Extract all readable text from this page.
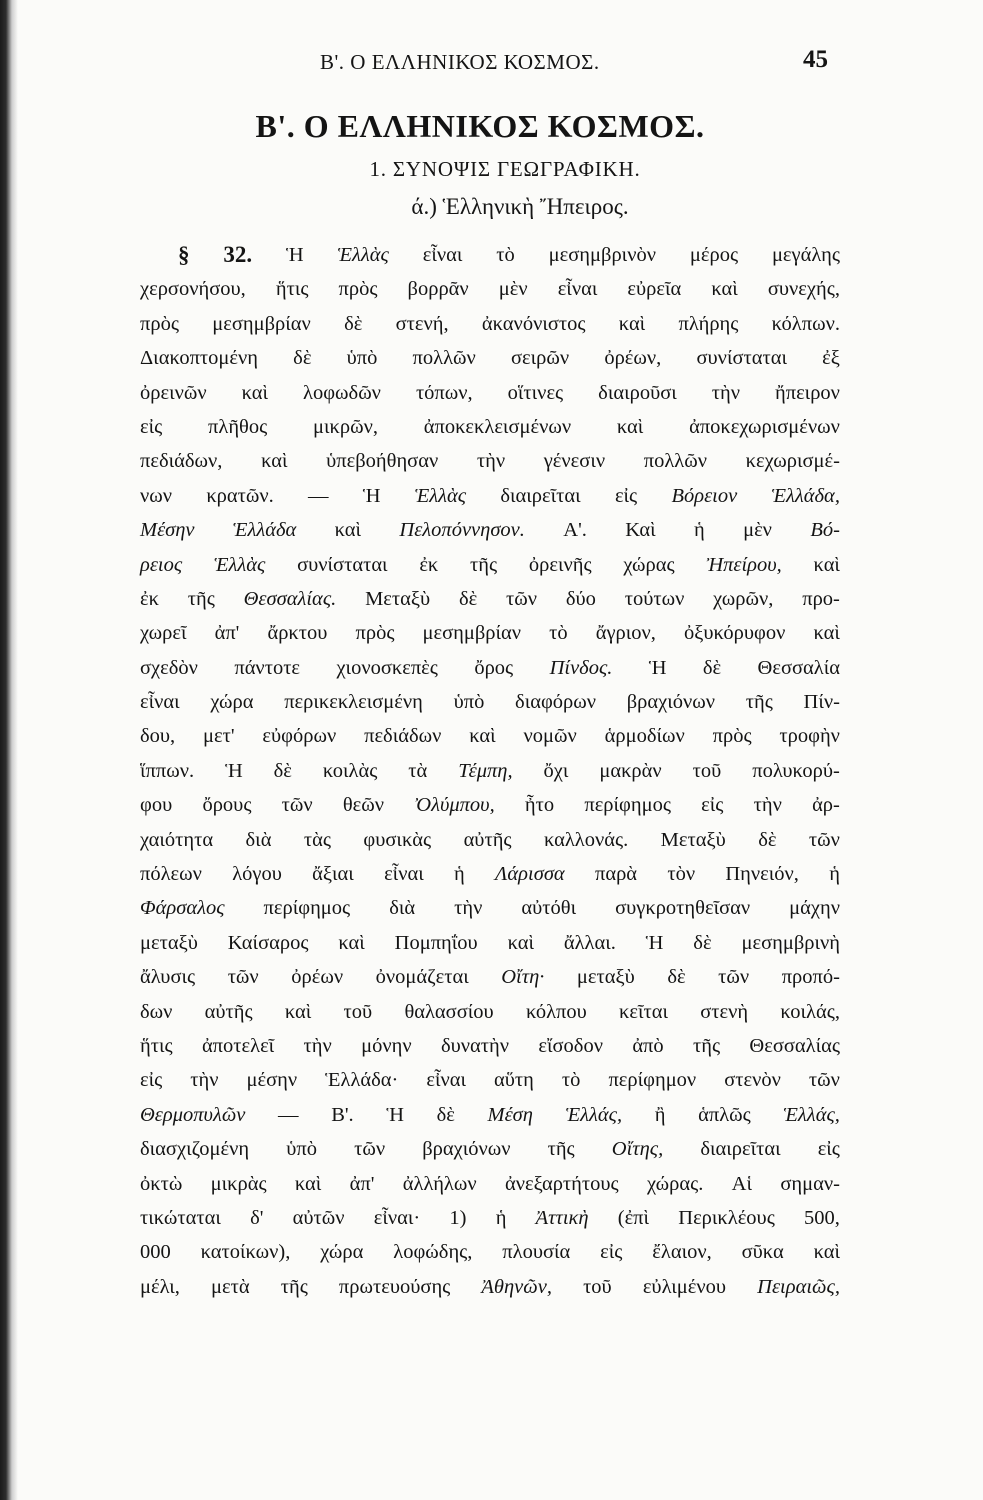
Β'. Ο ΕΛΛΗΝΙΚΟΣ ΚΟΣΜΟΣ.	45
Β'. Ο ΕΛΛΗΝΙΚΟΣ ΚΟΣΜΟΣ.
1. ΣΥΝΟΨΙΣ ΓΕΩΓΡΑΦΙΚΗ.
ά.) Ἑλληνικὴ Ἤπειρος.
§ 32. Ἡ Ἑλλὰς εἶναι τὸ μεσημβρινὸν μέρος μεγάλης
χερσονήσου, ἥτις πρὸς βορρᾶν μὲν εἶναι εὐρεῖα καὶ συνεχής,
πρὸς μεσημβρίαν δὲ στενή, ἀκανόνιστος καὶ πλήρης κόλπων.
Διακοπτομένη δὲ ὑπὸ πολλῶν σειρῶν ὀρέων, συνίσταται ἐξ
ὀρεινῶν καὶ λοφωδῶν τόπων, οἵτινες διαιροῦσι τὴν ἤπειρον
εἰς πλῆθος μικρῶν, ἀποκεκλεισμένων καὶ ἀποκεχωρισμένων
πεδιάδων, καὶ ὑπεβοήθησαν τὴν γένεσιν πολλῶν κεχωρισμέ-
νων κρατῶν. — Ἡ Ἑλλὰς διαιρεῖται εἰς Βόρειον Ἑλλάδα,
Μέσην Ἑλλάδα καὶ Πελοπόννησον. Α'. Καὶ ἡ μὲν Βό-
ρειος Ἑλλὰς συνίσταται ἐκ τῆς ὀρεινῆς χώρας Ἠπείρου, καὶ
ἐκ τῆς Θεσσαλίας. Μεταξὺ δὲ τῶν δύο τούτων χωρῶν, προ-
χωρεῖ ἀπ' ἄρκτου πρὸς μεσημβρίαν τὸ ἄγριον, ὀξυκόρυφον καὶ
σχεδὸν πάντοτε χιονοσκεπὲς ὄρος Πίνδος. Ἡ δὲ Θεσσαλία
εἶναι χώρα περικεκλεισμένη ὑπὸ διαφόρων βραχιόνων τῆς Πίν-
δου, μετ' εὐφόρων πεδιάδων καὶ νομῶν ἁρμοδίων πρὸς τροφὴν
ἵππων. Ἡ δὲ κοιλὰς τὰ Τέμπη, ὄχι μακρὰν τοῦ πολυκορύ-
φου ὄρους τῶν θεῶν Ὀλύμπου, ἦτο περίφημος εἰς τὴν ἀρ-
χαιότητα διὰ τὰς φυσικὰς αὐτῆς καλλονάς. Μεταξὺ δὲ τῶν
πόλεων λόγου ἄξιαι εἶναι ἡ Λάρισσα παρὰ τὸν Πηνειόν, ἡ
Φάρσαλος περίφημος διὰ τὴν αὐτόθι συγκροτηθεῖσαν μάχην
μεταξὺ Καίσαρος καὶ Πομπηΐου καὶ ἄλλαι. Ἡ δὲ μεσημβρινὴ
ἄλυσις τῶν ὀρέων ὀνομάζεται Οἴτη· μεταξὺ δὲ τῶν προπό-
δων αὐτῆς καὶ τοῦ θαλασσίου κόλπου κεῖται στενὴ κοιλάς,
ἥτις ἀποτελεῖ τὴν μόνην δυνατὴν εἴσοδον ἀπὸ τῆς Θεσσαλίας
εἰς τὴν μέσην Ἑλλάδα· εἶναι αὕτη τὸ περίφημον στενὸν τῶν
Θερμοπυλῶν — Β'. Ἡ δὲ Μέση Ἑλλάς, ἢ ἁπλῶς Ἑλλάς,
διασχιζομένη ὑπὸ τῶν βραχιόνων τῆς Οἴτης, διαιρεῖται εἰς
ὀκτὼ μικρὰς καὶ ἀπ' ἀλλήλων ἀνεξαρτήτους χώρας. Αἱ σημαν-
τικώταται δ' αὐτῶν εἶναι· 1) ἡ Ἀττικὴ (ἐπὶ Περικλέους 500,
000 κατοίκων), χώρα λοφώδης, πλουσία εἰς ἔλαιον, σῦκα καὶ
μέλι, μετὰ τῆς πρωτευούσης Ἀθηνῶν, τοῦ εὐλιμένου Πειραιῶς,
